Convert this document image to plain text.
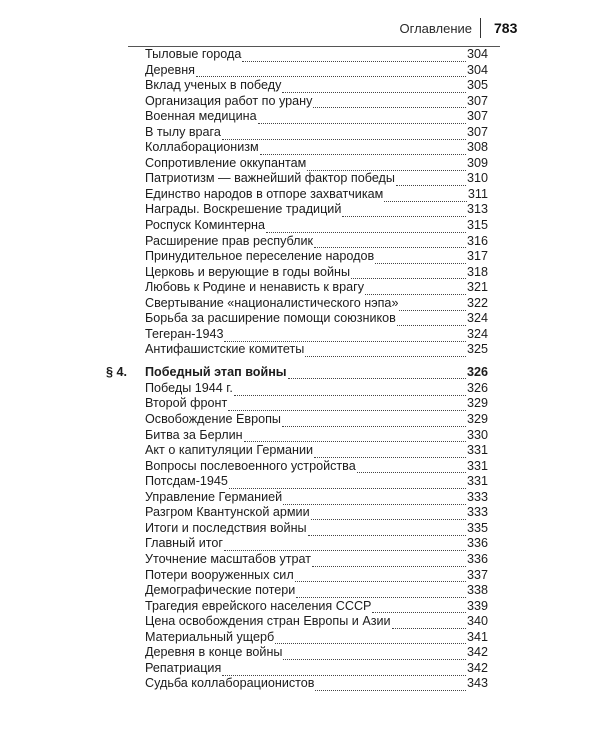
Оглавление 783
Тыловые города	304
Деревня	304
Вклад ученых в победу	305
Организация работ по урану	307
Военная медицина	307
В тылу врага	307
Коллаборационизм	308
Сопротивление оккупантам	309
Патриотизм — важнейший фактор победы	310
Единство народов в отпоре захватчикам	311
Награды. Воскрешение традиций	313
Роспуск Коминтерна	315
Расширение прав республик	316
Принудительное переселение народов	317
Церковь и верующие в годы войны	318
Любовь к Родине и ненависть к врагу	321
Свертывание «националистического нэпа»	322
Борьба за расширение помощи союзников	324
Тегеран-1943	324
Антифашистские комитеты	325
§ 4. Победный этап войны	326
Победы 1944 г.	326
Второй фронт	329
Освобождение Европы	329
Битва за Берлин	330
Акт о капитуляции Германии	331
Вопросы послевоенного устройства	331
Потсдам-1945	331
Управление Германией	333
Разгром Квантунской армии	333
Итоги и последствия войны	335
Главный итог	336
Уточнение масштабов утрат	336
Потери вооруженных сил	337
Демографические потери	338
Трагедия еврейского населения СССР	339
Цена освобождения стран Европы и Азии	340
Материальный ущерб	341
Деревня в конце войны	342
Репатриация	342
Судьба коллаборационистов	343
